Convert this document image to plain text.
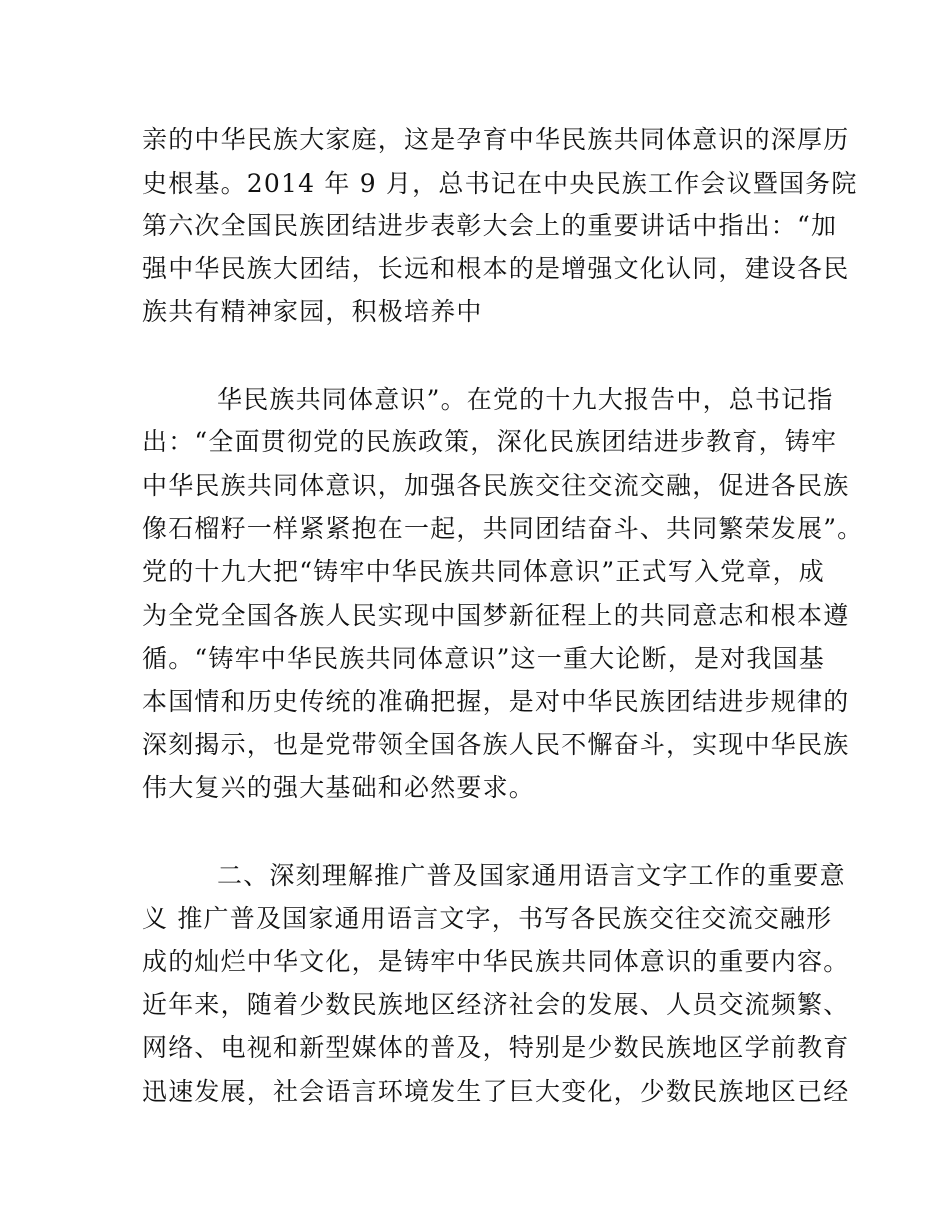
亲的中华民族大家庭，这是孕育中华民族共同体意识的深厚历
史根基。2014 年 9 月，总书记在中央民族工作会议暨国务院
第六次全国民族团结进步表彰大会上的重要讲话中指出：“加
强中华民族大团结，长远和根本的是增强文化认同，建设各民
族共有精神家园，积极培养中
华民族共同体意识”。在党的十九大报告中，总书记指
出：“全面贯彻党的民族政策，深化民族团结进步教育，铸牢
中华民族共同体意识，加强各民族交往交流交融，促进各民族
像石榴籽一样紧紧抱在一起，共同团结奋斗、共同繁荣发展”。
党的十九大把“铸牢中华民族共同体意识”正式写入党章，成
为全党全国各族人民实现中国梦新征程上的共同意志和根本遵
循。“铸牢中华民族共同体意识”这一重大论断，是对我国基
本国情和历史传统的准确把握，是对中华民族团结进步规律的
深刻揭示，也是党带领全国各族人民不懈奋斗，实现中华民族
伟大复兴的强大基础和必然要求。
二、深刻理解推广普及国家通用语言文字工作的重要意
义 推广普及国家通用语言文字，书写各民族交往交流交融形
成的灿烂中华文化，是铸牢中华民族共同体意识的重要内容。
近年来，随着少数民族地区经济社会的发展、人员交流频繁、
网络、电视和新型媒体的普及，特别是少数民族地区学前教育
迅速发展，社会语言环境发生了巨大变化，少数民族地区已经
